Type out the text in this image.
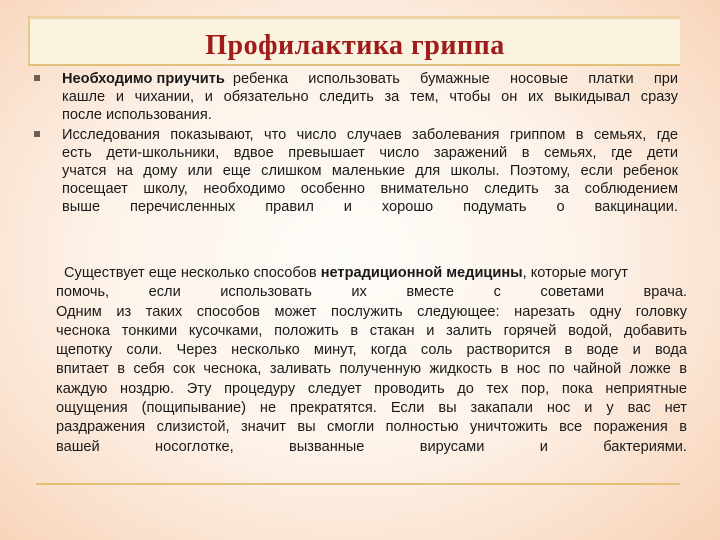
Профилактика гриппа
Необходимо приучить ребенка использовать бумажные носовые платки при
кашле и чихании, и обязательно следить за тем, чтобы он их выкидывал сразу
после использования.
Исследования показывают, что число случаев заболевания гриппом в семьях, где
есть дети-школьники, вдвое превышает число заражений в семьях, где дети
учатся на дому или еще слишком маленькие для школы. Поэтому, если ребенок
посещает школу, необходимо особенно внимательно следить за соблюдением
выше перечисленных правил и хорошо подумать о вакцинации.
Существует еще несколько способов нетрадиционной медицины , которые могут
помочь, если использовать их вместе с советами врача.
Одним из таких способов может послужить следующее: нарезать одну головку
чеснока тонкими кусочками, положить в стакан и залить горячей водой, добавить
щепотку соли. Через несколько минут, когда соль растворится в воде и вода
впитает в себя сок чеснока, заливать полученную жидкость в нос по чайной ложке в
каждую ноздрю. Эту процедуру следует проводить до тех пор, пока неприятные
ощущения (пощипывание) не прекратятся. Если вы закапали нос и у вас нет
раздражения слизистой, значит вы смогли полностью уничтожить все поражения в
вашей носоглотке, вызванные вирусами и бактериями.
